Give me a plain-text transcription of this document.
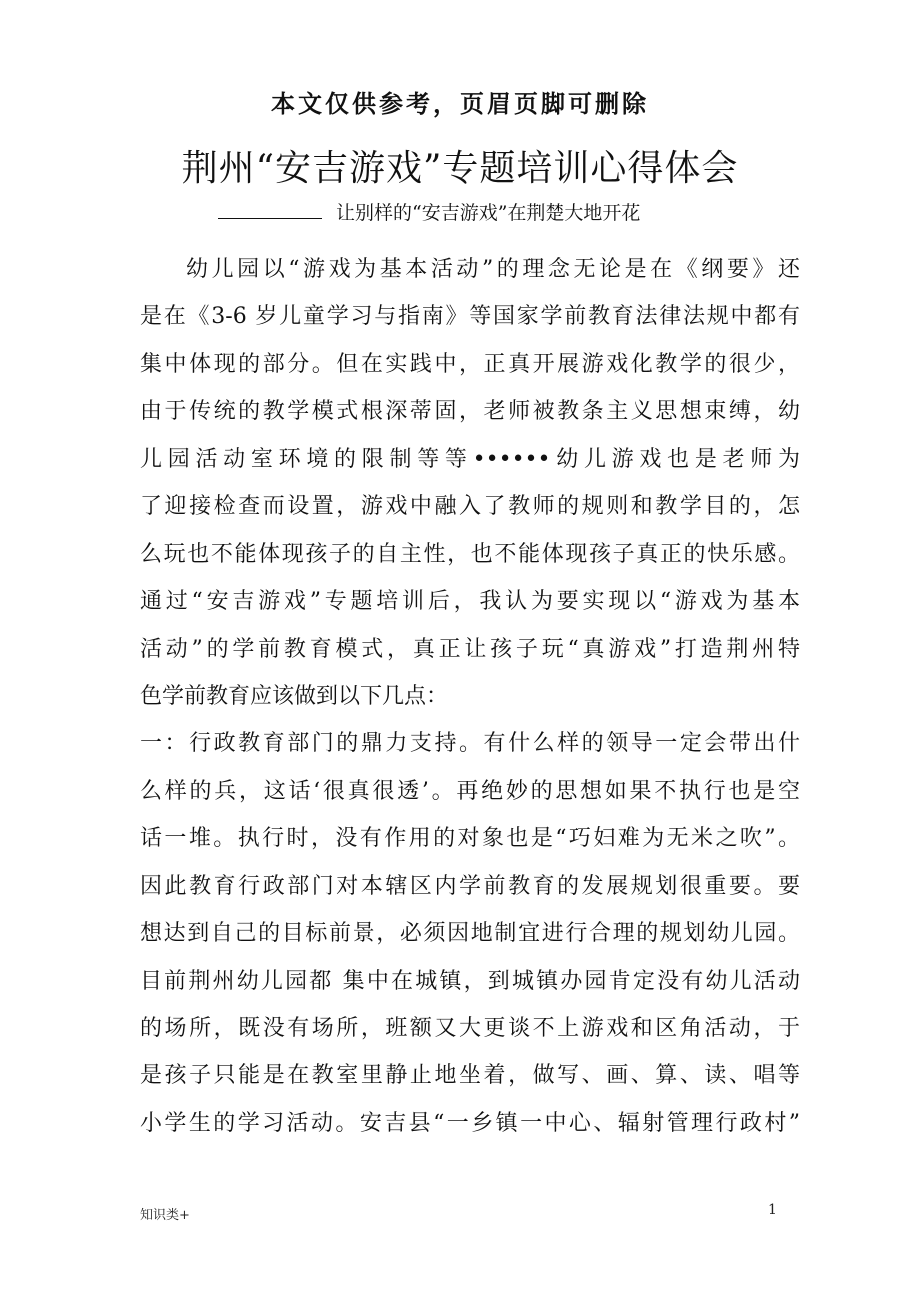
本文仅供参考，页眉页脚可删除
荆州“安吉游戏”专题培训心得体会
让别样的“安吉游戏”在荆楚大地开花
幼儿园以“游戏为基本活动”的理念无论是在《纲要》还
是在《3-6 岁儿童学习与指南》等国家学前教育法律法规中都有
集中体现的部分。但在实践中，正真开展游戏化教学的很少，
由于传统的教学模式根深蒂固，老师被教条主义思想束缚，幼
儿园活动室环境的限制等等••••••幼儿游戏也是老师为
了迎接检查而设置，游戏中融入了教师的规则和教学目的，怎
么玩也不能体现孩子的自主性，也不能体现孩子真正的快乐感。
通过“安吉游戏”专题培训后，我认为要实现以“游戏为基本
活动”的学前教育模式，真正让孩子玩“真游戏”打造荆州特
色学前教育应该做到以下几点：
一：行政教育部门的鼎力支持。有什么样的领导一定会带出什
么样的兵，这话‘很真很透’。再绝妙的思想如果不执行也是空
话一堆。执行时，没有作用的对象也是“巧妇难为无米之吹”。
因此教育行政部门对本辖区内学前教育的发展规划很重要。要
想达到自己的目标前景，必须因地制宜进行合理的规划幼儿园。
目前荆州幼儿园都 集中在城镇，到城镇办园肯定没有幼儿活动
的场所，既没有场所，班额又大更谈不上游戏和区角活动，于
是孩子只能是在教室里静止地坐着，做写、画、算、读、唱等
小学生的学习活动。安吉县“一乡镇一中心、辐射管理行政村”
知识类+	1
